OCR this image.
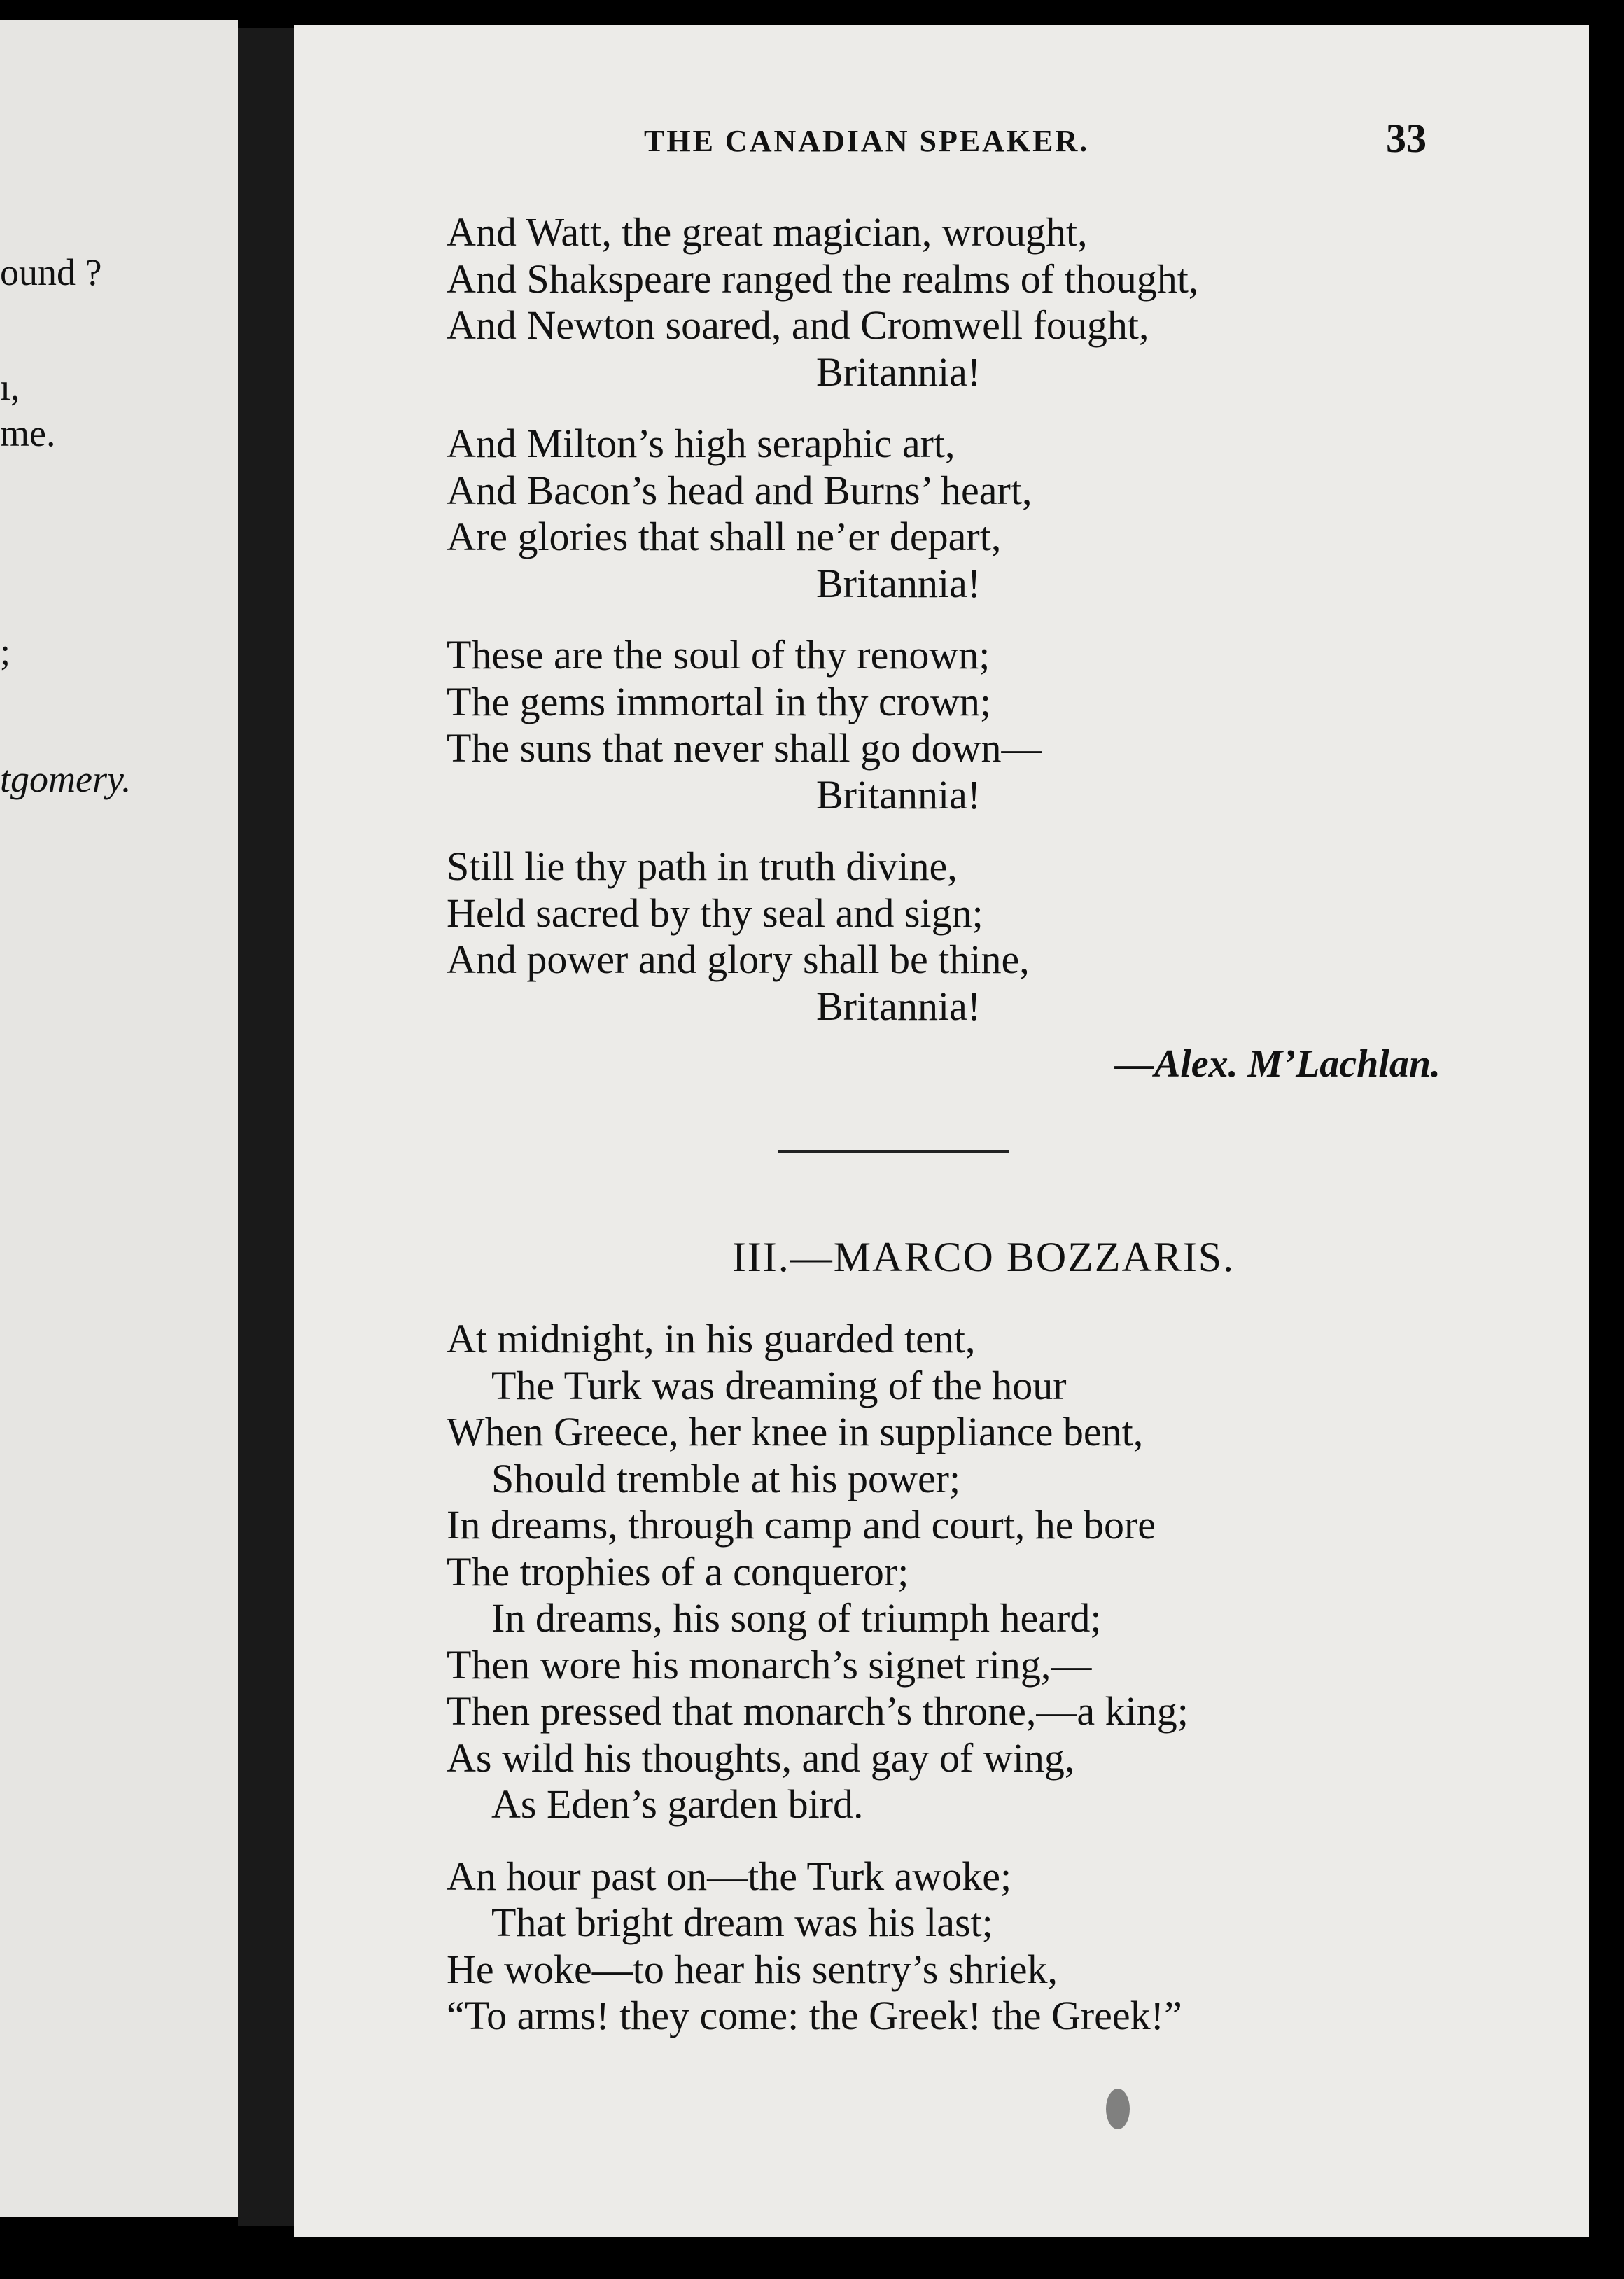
ound ?
ı,
me.
;
tgomery.
THE CANADIAN SPEAKER.	33
And Watt, the great magician, wrought,
And Shakspeare ranged the realms of thought,
And Newton soared, and Cromwell fought,
Britannia!
And Milton’s high seraphic art,
And Bacon’s head and Burns’ heart,
Are glories that shall ne’er depart,
Britannia!
These are the soul of thy renown;
The gems immortal in thy crown;
The suns that never shall go down—
Britannia!
Still lie thy path in truth divine,
Held sacred by thy seal and sign;
And power and glory shall be thine,
Britannia!
—Alex. M’Lachlan.
III.—MARCO BOZZARIS.
At midnight, in his guarded tent,
The Turk was dreaming of the hour
When Greece, her knee in suppliance bent,
Should tremble at his power;
In dreams, through camp and court, he bore
The trophies of a conqueror;
In dreams, his song of triumph heard;
Then wore his monarch’s signet ring,—
Then pressed that monarch’s throne,—a king;
As wild his thoughts, and gay of wing,
As Eden’s garden bird.
An hour past on—the Turk awoke;
That bright dream was his last;
He woke—to hear his sentry’s shriek,
“To arms! they come: the Greek! the Greek!”
